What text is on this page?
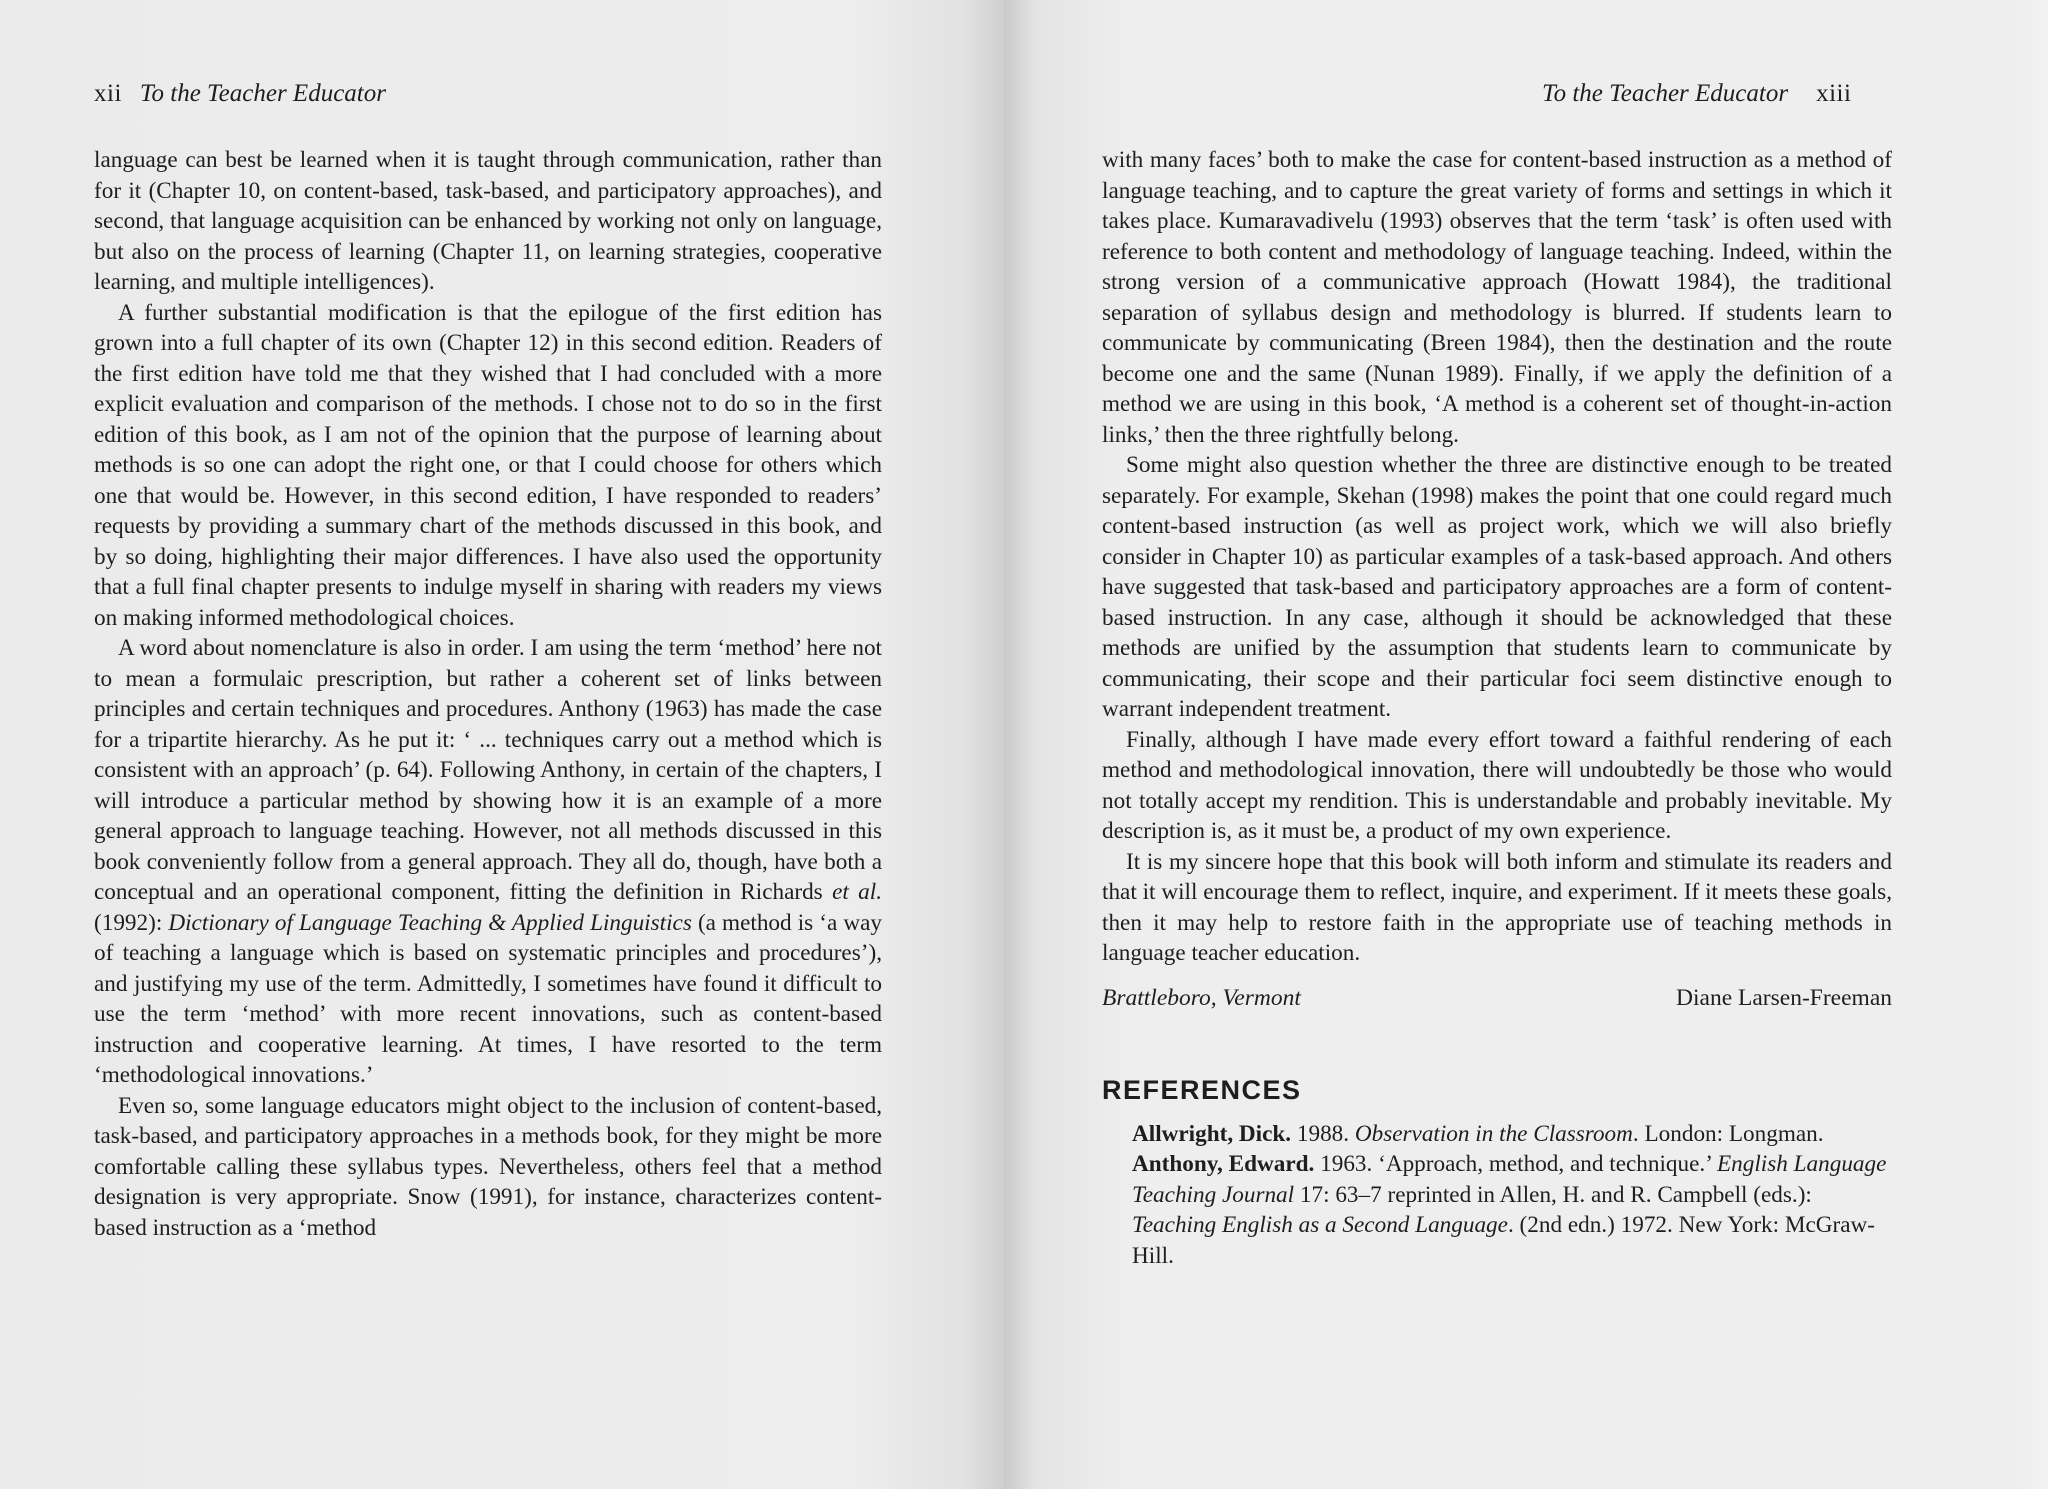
xii To the Teacher Educator

language can best be learned when it is taught through communication, rather than for it (Chapter 10, on content-based, task-based, and participatory approaches), and second, that language acquisition can be enhanced by working not only on language, but also on the process of learning (Chapter 11, on learning strategies, cooperative learning, and multiple intelligences).

A further substantial modification is that the epilogue of the first edition has grown into a full chapter of its own (Chapter 12) in this second edition. Readers of the first edition have told me that they wished that I had concluded with a more explicit evaluation and comparison of the methods. I chose not to do so in the first edition of this book, as I am not of the opinion that the purpose of learning about methods is so one can adopt the right one, or that I could choose for others which one that would be. However, in this second edition, I have responded to readers’ requests by providing a summary chart of the methods discussed in this book, and by so doing, highlighting their major differences. I have also used the opportunity that a full final chapter presents to indulge myself in sharing with readers my views on making informed methodological choices.

A word about nomenclature is also in order. I am using the term ‘method’ here not to mean a formulaic prescription, but rather a coherent set of links between principles and certain techniques and procedures. Anthony (1963) has made the case for a tripartite hierarchy. As he put it: ‘ ... techniques carry out a method which is consistent with an approach’ (p. 64). Following Anthony, in certain of the chapters, I will introduce a particular method by showing how it is an example of a more general approach to language teaching. However, not all methods discussed in this book conveniently follow from a general approach. They all do, though, have both a conceptual and an operational component, fitting the definition in Richards et al. (1992): Dictionary of Language Teaching & Applied Linguistics (a method is ‘a way of teaching a language which is based on systematic principles and procedures’), and justifying my use of the term. Admittedly, I sometimes have found it difficult to use the term ‘method’ with more recent innovations, such as content-based instruction and cooperative learning. At times, I have resorted to the term ‘methodological innovations.’

Even so, some language educators might object to the inclusion of content-based, task-based, and participatory approaches in a methods book, for they might be more comfortable calling these syllabus types. Nevertheless, others feel that a method designation is very appropriate. Snow (1991), for instance, characterizes content-based instruction as a ‘method

To the Teacher Educator xiii

with many faces’ both to make the case for content-based instruction as a method of language teaching, and to capture the great variety of forms and settings in which it takes place. Kumaravadivelu (1993) observes that the term ‘task’ is often used with reference to both content and methodology of language teaching. Indeed, within the strong version of a communicative approach (Howatt 1984), the traditional separation of syllabus design and methodology is blurred. If students learn to communicate by communicating (Breen 1984), then the destination and the route become one and the same (Nunan 1989). Finally, if we apply the definition of a method we are using in this book, ‘A method is a coherent set of thought-in-action links,’ then the three rightfully belong.

Some might also question whether the three are distinctive enough to be treated separately. For example, Skehan (1998) makes the point that one could regard much content-based instruction (as well as project work, which we will also briefly consider in Chapter 10) as particular examples of a task-based approach. And others have suggested that task-based and participatory approaches are a form of content-based instruction. In any case, although it should be acknowledged that these methods are unified by the assumption that students learn to communicate by communicating, their scope and their particular foci seem distinctive enough to warrant independent treatment.

Finally, although I have made every effort toward a faithful rendering of each method and methodological innovation, there will undoubtedly be those who would not totally accept my rendition. This is understandable and probably inevitable. My description is, as it must be, a product of my own experience.

It is my sincere hope that this book will both inform and stimulate its readers and that it will encourage them to reflect, inquire, and experiment. If it meets these goals, then it may help to restore faith in the appropriate use of teaching methods in language teacher education.

Brattleboro, Vermont	Diane Larsen-Freeman
REFERENCES

Allwright, Dick. 1988. Observation in the Classroom. London: Longman.

Anthony, Edward. 1963. ‘Approach, method, and technique.’ English Language Teaching Journal 17: 63–7 reprinted in Allen, H. and R. Campbell (eds.): Teaching English as a Second Language. (2nd edn.) 1972. New York: McGraw-Hill.
